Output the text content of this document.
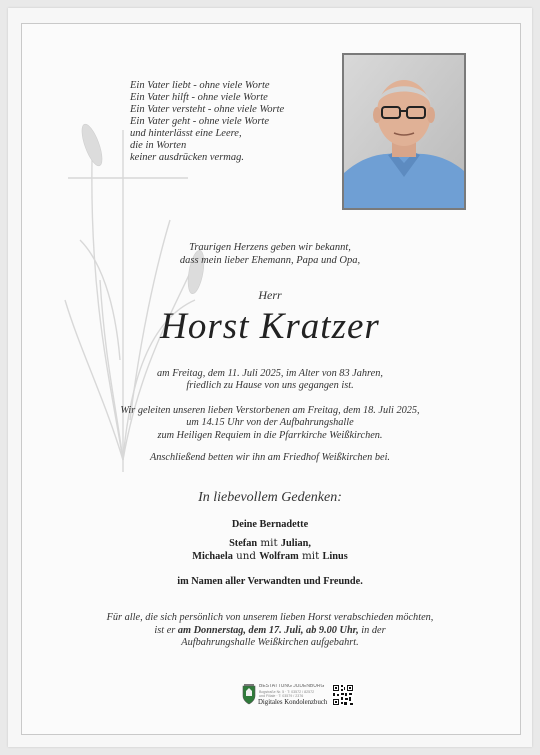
Ein Vater liebt - ohne viele Worte
Ein Vater hilft - ohne viele Worte
Ein Vater versteht - ohne viele Worte
Ein Vater geht - ohne viele Worte
und hinterlässt eine Leere,
die in Worten
keiner ausdrücken vermag.
Traurigen Herzens geben wir bekannt,
dass mein lieber Ehemann, Papa und Opa,
Herr
Horst Kratzer
am Freitag, dem 11. Juli 2025, im Alter von 83 Jahren,
friedlich zu Hause von uns gegangen ist.
Wir geleiten unseren lieben Verstorbenen am Freitag, dem 18. Juli 2025,
um 14.15 Uhr von der Aufbahrungshalle
zum Heiligen Requiem in die Pfarrkirche Weißkirchen.
Anschließend betten wir ihn am Friedhof Weißkirchen bei.
In liebevollem Gedenken:
Deine Bernadette
Stefan mit Julian,
Michaela und Wolfram mit Linus
im Namen aller Verwandten und Freunde.
Für alle, die sich persönlich von unserem lieben Horst verabschieden möchten,
ist er am Donnerstag, dem 17. Juli, ab 9.00 Uhr, in der
Aufbahrungshalle Weißkirchen aufgebahrt.
BESTATTUNG JUDENBURG
Bogstraße Nr. 5 · T: 03572 / 82572
und Filiale · T: 03579 / 2376
Digitales Kondolenzbuch
